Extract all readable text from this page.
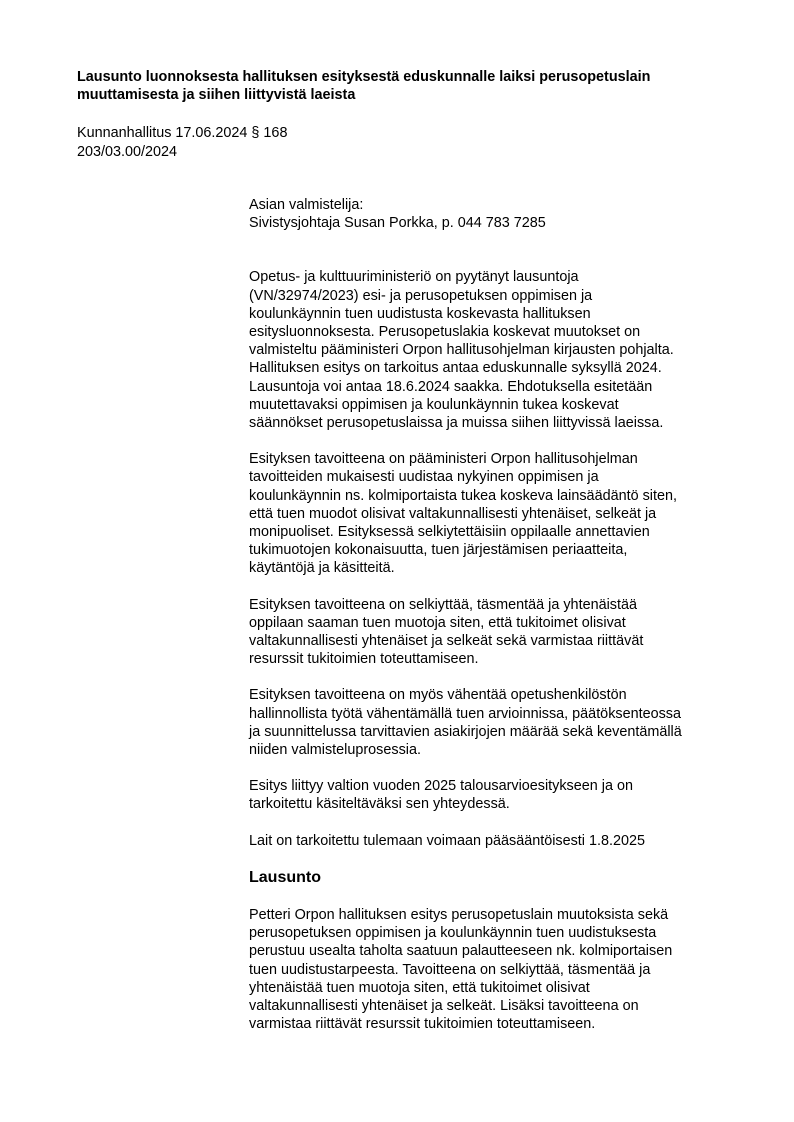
Lausunto luonnoksesta hallituksen esityksestä eduskunnalle laiksi perusopetuslain
muuttamisesta ja siihen liittyvistä laeista
Kunnanhallitus 17.06.2024 § 168
203/03.00/2024
Asian valmistelija:
Sivistysjohtaja Susan Porkka, p. 044 783 7285
Opetus- ja kulttuuriministeriö on pyytänyt lausuntoja
(VN/32974/2023) esi- ja perusopetuksen oppimisen ja
koulunkäynnin tuen uudistusta koskevasta hallituksen
esitysluonnoksesta. Perusopetuslakia koskevat muutokset on
valmisteltu pääministeri Orpon hallitusohjelman kirjausten pohjalta.
Hallituksen esitys on tarkoitus antaa eduskunnalle syksyllä 2024.
Lausuntoja voi antaa 18.6.2024 saakka. Ehdotuksella esitetään
muutettavaksi oppimisen ja koulunkäynnin tukea koskevat
säännökset perusopetuslaissa ja muissa siihen liittyvissä laeissa.
Esityksen tavoitteena on pääministeri Orpon hallitusohjelman
tavoitteiden mukaisesti uudistaa nykyinen oppimisen ja
koulunkäynnin ns. kolmiportaista tukea koskeva lainsäädäntö siten,
että tuen muodot olisivat valtakunnallisesti yhtenäiset, selkeät ja
monipuoliset. Esityksessä selkiytettäisiin oppilaalle annettavien
tukimuotojen kokonaisuutta, tuen järjestämisen periaatteita,
käytäntöjä ja käsitteitä.
Esityksen tavoitteena on selkiyttää, täsmentää ja yhtenäistää
oppilaan saaman tuen muotoja siten, että tukitoimet olisivat
valtakunnallisesti yhtenäiset ja selkeät sekä varmistaa riittävät
resurssit tukitoimien toteuttamiseen.
Esityksen tavoitteena on myös vähentää opetushenkilöstön
hallinnollista työtä vähentämällä tuen arvioinnissa, päätöksenteossa
ja suunnittelussa tarvittavien asiakirjojen määrää sekä keventämällä
niiden valmisteluprosessia.
Esitys liittyy valtion vuoden 2025 talousarvioesitykseen ja on
tarkoitettu käsiteltäväksi sen yhteydessä.
Lait on tarkoitettu tulemaan voimaan pääsääntöisesti 1.8.2025
Lausunto
Petteri Orpon hallituksen esitys perusopetuslain muutoksista sekä
perusopetuksen oppimisen ja koulunkäynnin tuen uudistuksesta
perustuu usealta taholta saatuun palautteeseen nk. kolmiportaisen
tuen uudistustarpeesta. Tavoitteena on selkiyttää, täsmentää ja
yhtenäistää tuen muotoja siten, että tukitoimet olisivat
valtakunnallisesti yhtenäiset ja selkeät. Lisäksi tavoitteena on
varmistaa riittävät resurssit tukitoimien toteuttamiseen.
